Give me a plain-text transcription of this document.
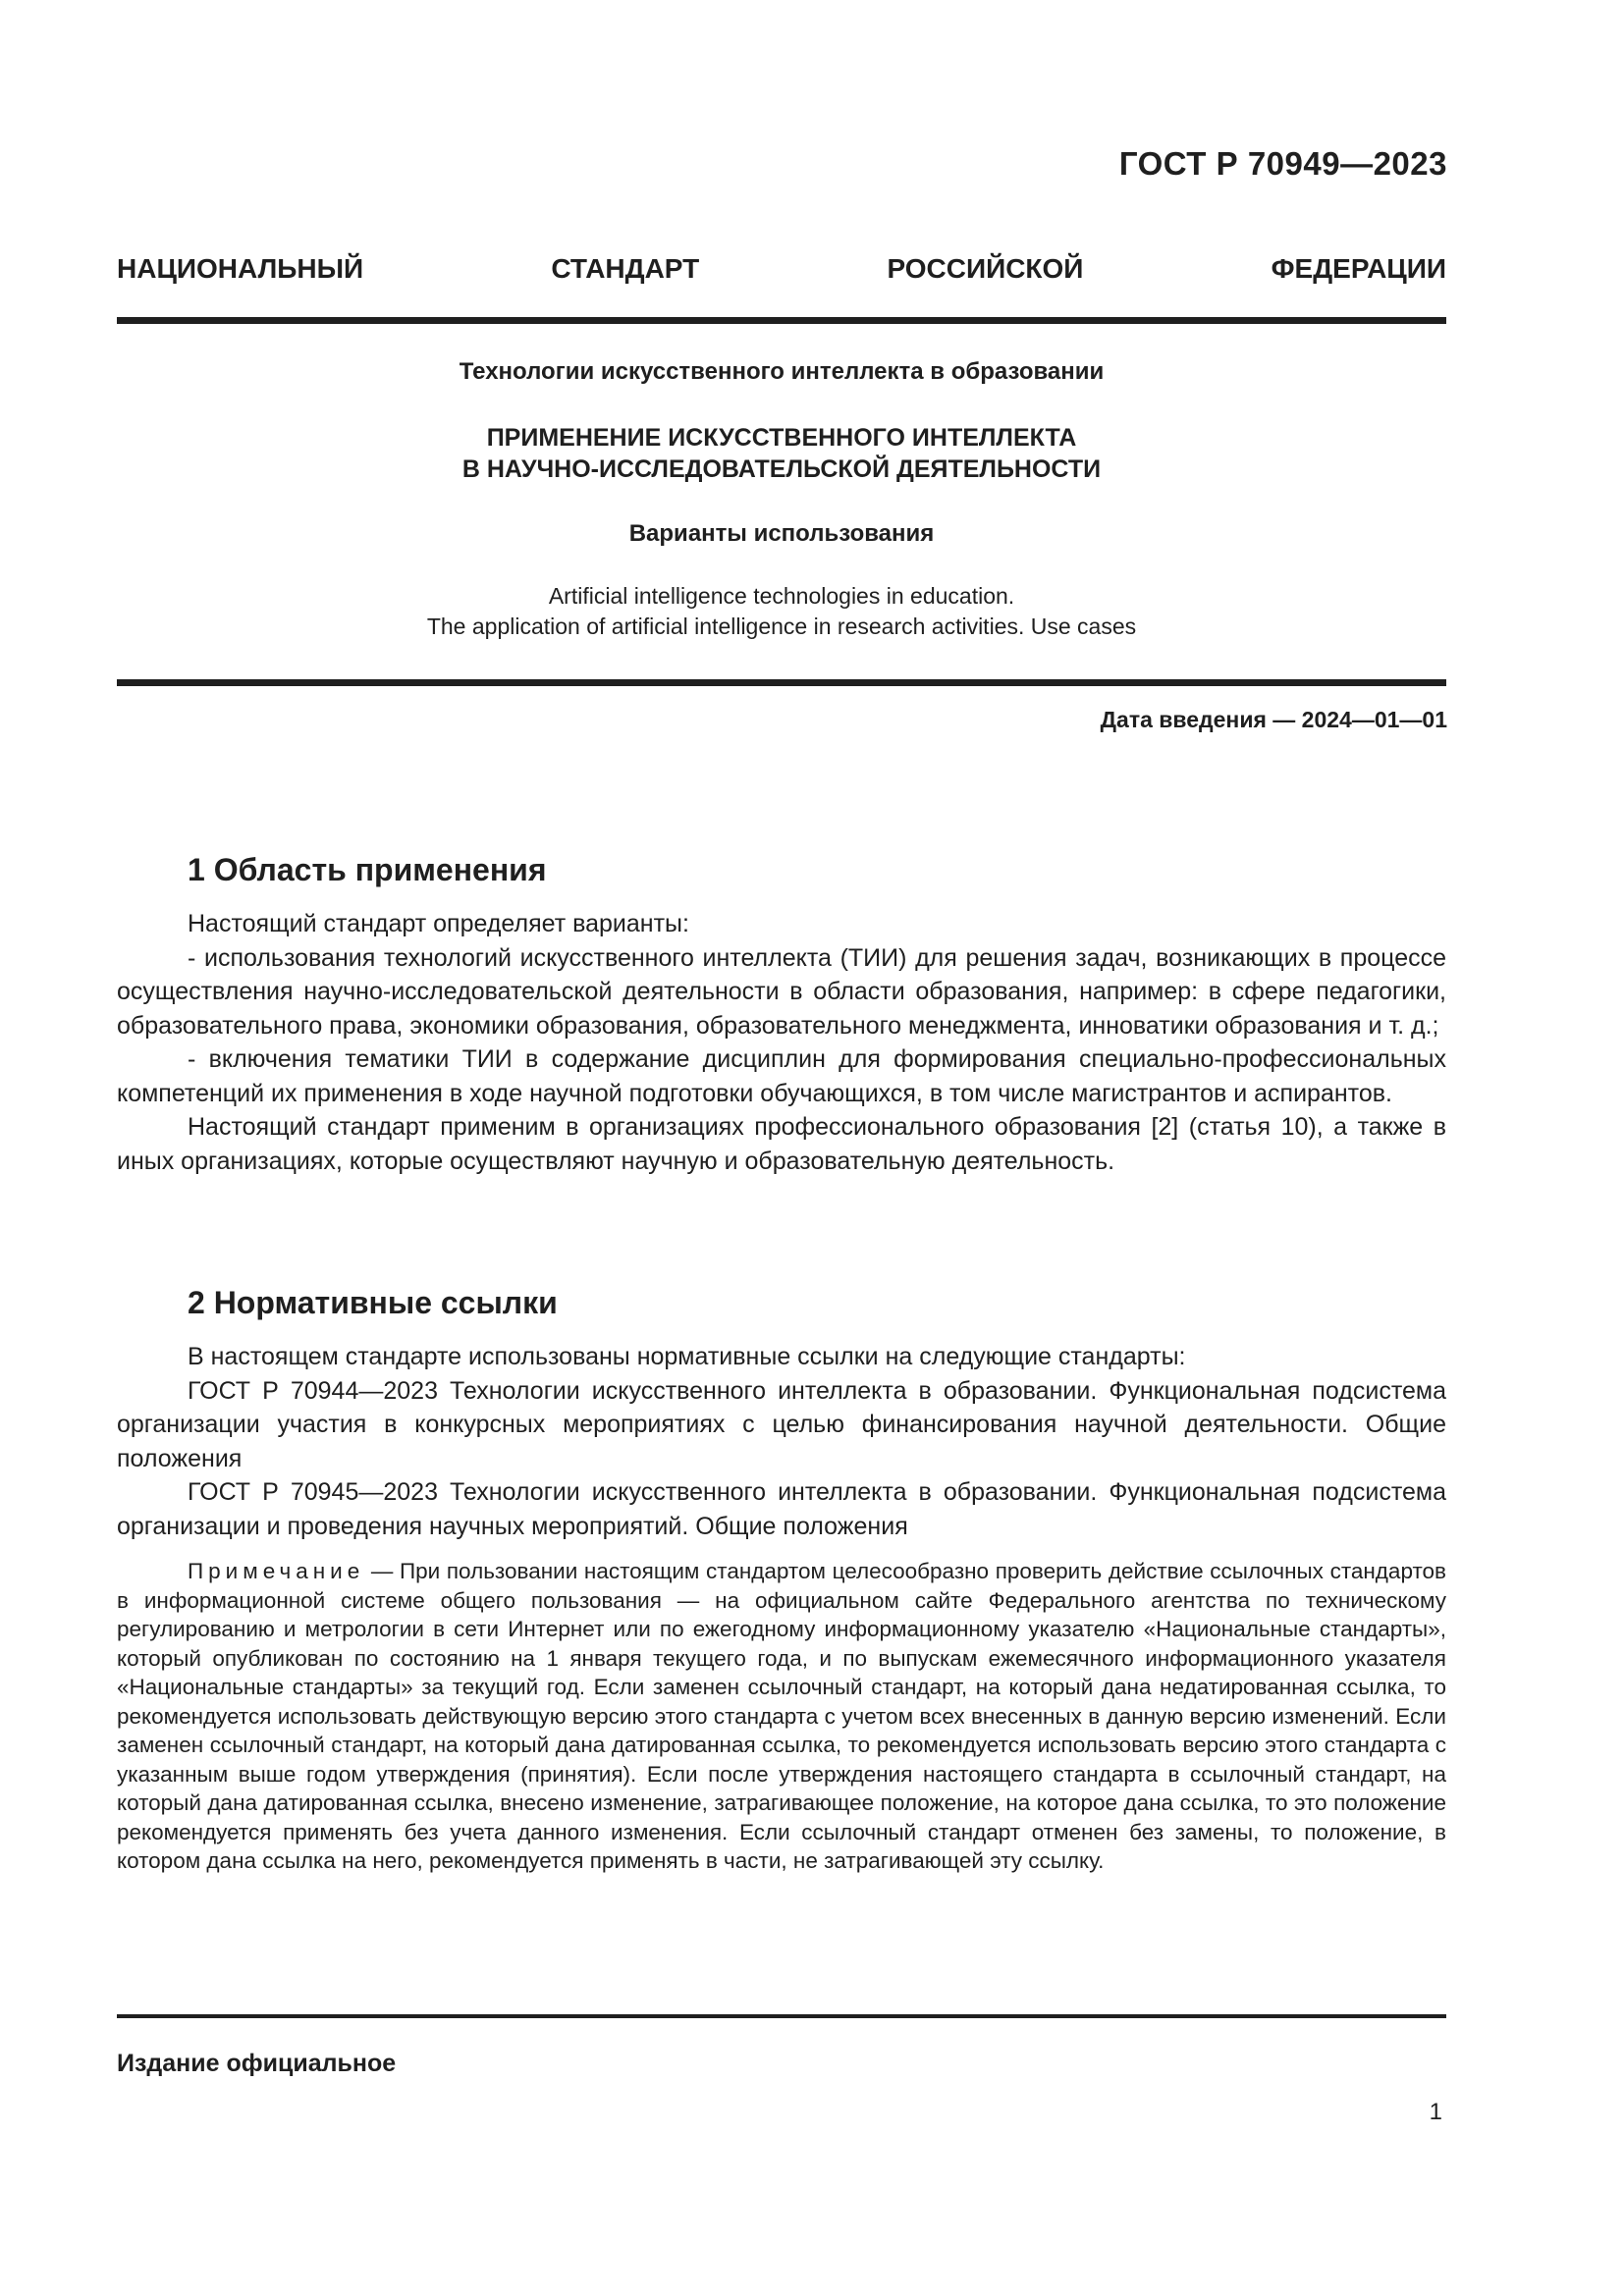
ГОСТ Р 70949—2023
НАЦИОНАЛЬНЫЙ СТАНДАРТ РОССИЙСКОЙ ФЕДЕРАЦИИ
Технологии искусственного интеллекта в образовании
ПРИМЕНЕНИЕ ИСКУССТВЕННОГО ИНТЕЛЛЕКТА
В НАУЧНО-ИССЛЕДОВАТЕЛЬСКОЙ ДЕЯТЕЛЬНОСТИ
Варианты использования
Artificial intelligence technologies in education.
The application of artificial intelligence in research activities. Use cases
Дата введения — 2024—01—01
1 Область применения

Настоящий стандарт определяет варианты:

- использования технологий искусственного интеллекта (ТИИ) для решения задач, возникающих в процессе осуществления научно-исследовательской деятельности в области образования, например: в сфере педагогики, образовательного права, экономики образования, образовательного менеджмента, инноватики образования и т. д.;

- включения тематики ТИИ в содержание дисциплин для формирования специально-профессиональных компетенций их применения в ходе научной подготовки обучающихся, в том числе магистрантов и аспирантов.

Настоящий стандарт применим в организациях профессионального образования [2] (статья 10), а также в иных организациях, которые осуществляют научную и образовательную деятельность.

2 Нормативные ссылки

В настоящем стандарте использованы нормативные ссылки на следующие стандарты:

ГОСТ Р 70944—2023 Технологии искусственного интеллекта в образовании. Функциональная подсистема организации участия в конкурсных мероприятиях с целью финансирования научной деятельности. Общие положения

ГОСТ Р 70945—2023 Технологии искусственного интеллекта в образовании. Функциональная подсистема организации и проведения научных мероприятий. Общие положения

Примечание — При пользовании настоящим стандартом целесообразно проверить действие ссылочных стандартов в информационной системе общего пользования — на официальном сайте Федерального агентства по техническому регулированию и метрологии в сети Интернет или по ежегодному информационному указателю «Национальные стандарты», который опубликован по состоянию на 1 января текущего года, и по выпускам ежемесячного информационного указателя «Национальные стандарты» за текущий год. Если заменен ссылочный стандарт, на который дана недатированная ссылка, то рекомендуется использовать действующую версию этого стандарта с учетом всех внесенных в данную версию изменений. Если заменен ссылочный стандарт, на который дана датированная ссылка, то рекомендуется использовать версию этого стандарта с указанным выше годом утверждения (принятия). Если после утверждения настоящего стандарта в ссылочный стандарт, на который дана датированная ссылка, внесено изменение, затрагивающее положение, на которое дана ссылка, то это положение рекомендуется применять без учета данного изменения. Если ссылочный стандарт отменен без замены, то положение, в котором дана ссылка на него, рекомендуется применять в части, не затрагивающей эту ссылку.

Издание официальное
1
